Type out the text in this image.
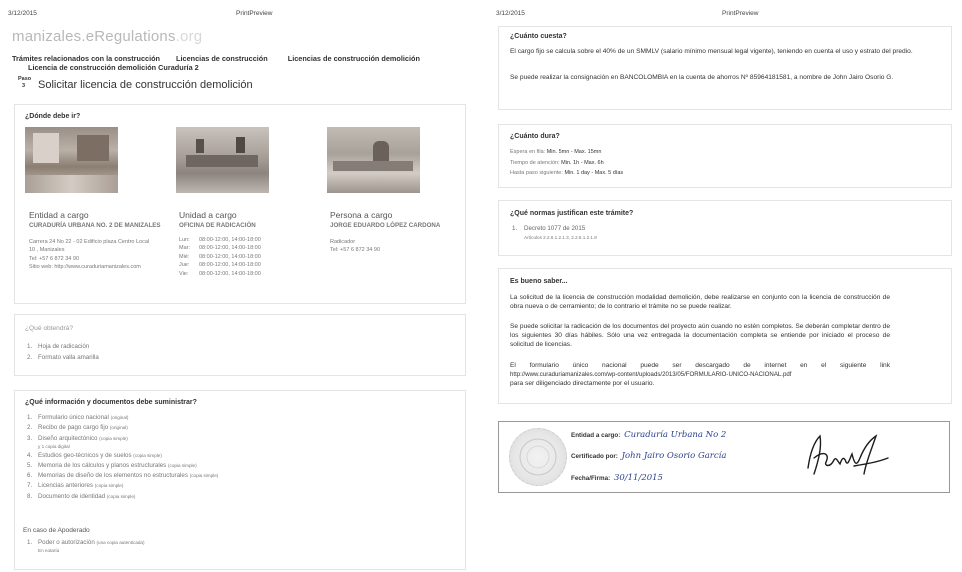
3/12/2015	PrintPreview
manizales.eRegulations.org
Trámites relacionados con la construcción Licencias de construcción	Licencias de construcción demolición
Licencia de construcción demolición Curaduría 2
Paso
3 Solicitar licencia de construcción demolición
¿Dónde debe ir?
Entidad a cargo
CURADURÍA URBANA NO. 2 DE MANIZALES
Carrera 24 No 22 - 02 Edificio plaza Centro Local
10 , Manizales
Tel: +57 6 872 34 90
Sitio web: http://www.curaduriamanizales.com
Unidad a cargo
OFICINA DE RADICACIÓN
Lun: 08:00-12:00, 14:00-18:00
Mar: 08:00-12:00, 14:00-18:00
Mié: 08:00-12:00, 14:00-18:00
Jue: 08:00-12:00, 14:00-18:00
Vie: 08:00-12:00, 14:00-18:00
Persona a cargo
JORGE EDUARDO LÓPEZ CARDONA
Radicador
Tel: +57 6 872 34 90
¿Qué obtendrá?
1. Hoja de radicación
2. Formato valla amarilla
¿Qué información y documentos debe suministrar?
1. Formulario único nacional (original)
2. Recibo de pago cargo fijo (original)
3. Diseño arquitectónico (copia simple)
y 1 copia digital
4. Estudios geo-técnicos y de suelos (copia simple)
5. Memoria de los cálculos y planos estructurales (copia simple)
6. Memorias de diseño de los elementos no estructurales (copia simple)
7. Licencias anteriores (copia simple)
8. Documento de identidad (copia simple)
En caso de Apoderado
1. Poder o autorización (una copia autenticada)
En notaría
3/12/2015	PrintPreview
¿Cuánto cuesta?
El cargo fijo se calcula sobre el 40% de un SMMLV (salario mínimo mensual legal vigente), teniendo en cuenta el uso y estrato del predio.
Se puede realizar la consignación en BANCOLOMBIA en la cuenta de ahorros Nº 85964181581, a nombre de John Jairo Osorio G.
¿Cuánto dura?
Espera en fila: Min. 5mn - Max. 15mn
Tiempo de atención: Min. 1h - Max. 6h
Hasta paso siguiente: Min. 1 day - Max. 5 días
¿Qué normas justifican este trámite?
1. Decreto 1077 de 2015
Artículos 2.2.6.1.2.1.3, 2.2.6.1.2.1.8
Es bueno saber...
La solicitud de la licencia de construcción modalidad demolición, debe realizarse en conjunto con la licencia de construcción de obra nueva o de cerramiento; de lo contrario el trámite no se puede realizar.
Se puede solicitar la radicación de los documentos del proyecto aún cuando no estén completos. Se deberán completar dentro de los siguientes 30 días hábiles. Sólo una vez entregada la documentación completa se entiende por iniciado el proceso de solicitud de licencias.
El formulario único nacional puede ser descargado de internet en el siguiente link
http://www.curaduriamanizales.com/wp-content/uploads/2013/05/FORMULARIO-UNICO-NACIONAL.pdf
para ser diligenciado directamente por el usuario.
Entidad a cargo: Curaduría Urbana No 2
Certificado por: John Jairo Osorio García
Fecha/Firma: 30/11/2015
